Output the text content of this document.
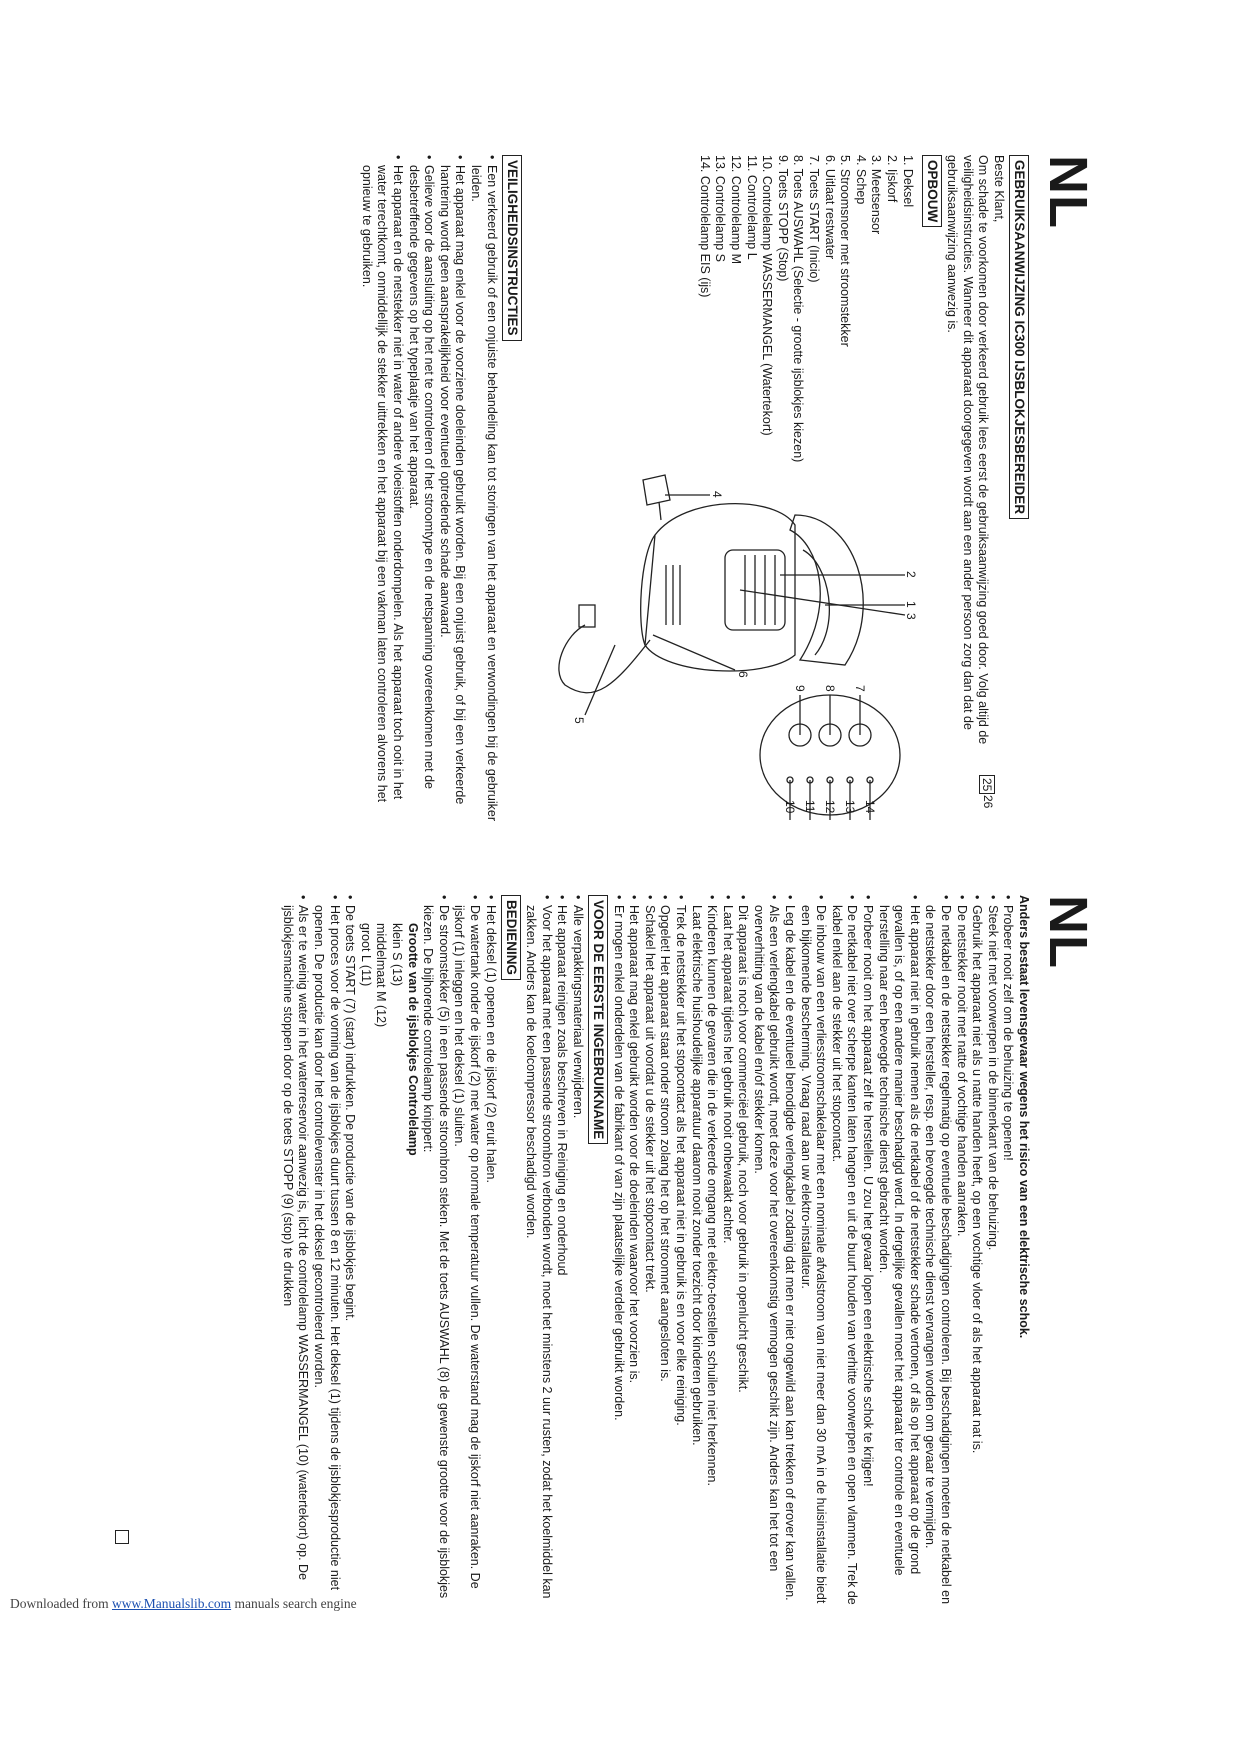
NL
GEBRUIKSAANWIJZING IC300 IJSBLOKJESBEREIDER

Beste Klant,

Om schade te voorkomen door verkeerd gebruik lees eerst de gebruiksaanwijzing goed door. Volg altijd de veiligheidsinstructies. Wanneer dit apparaat doorgegeven wordt aan een ander persoon zorg dan dat de gebruiksaanwijzing aanwezig is.

OPBOUW
1. Deksel
2. Ijskorf
3. Meetsensor
4. Schep
5. Stroomsnoer met stroomstekker
6. Uitlaat restwater
7. Toets START (Inicio)
8. Toets AUSWAHL (Selectie - grootte ijsblokjes kiezen)
9. Toets STOPP (Stop)
10. Controlelamp WASSERMANGEL (Watertekort)
11. Controlelamp L
12. Controlelamp M
13. Controlelamp S
14. Controlelamp EIS (ijs)
1
2
3
4
5
6
7
8
9
10 11 12 13 14
VEILIGHEIDSINSTRUCTIES
• Een verkeerd gebruik of een onjuiste behandeling kan tot storingen van het apparaat en verwondingen bij de gebruiker leiden.
• Het apparaat mag enkel voor de voorziene doeleinden gebruikt worden. Bij een onjuist gebruik, of bij een verkeerde hantering wordt geen aansprakelijkheid voor eventueel optredende schade aanvaard.
• Gelieve voor de aansluiting op het net te controleren of het stroomtype en de netspanning overeenkomen met de desbetreffende gegevens op het typeplaatje van het apparaat.
• Het apparaat en de netstekker niet in water of andere vloeistoffen onderdompelen. Als het apparaat toch ooit in het water terechtkomt, onmiddellijk de stekker uittrekken en het apparaat bij een vakman laten controleren alvorens het opnieuw te gebruiken.
25
26
NL

Anders bestaat levensgevaar wegens het risico van een elektrische schok.

• Probeer nooit zelf om de behuizing te openen!
• Steek niet met voorwerpen in de binnenkant van de behuizing.
• Gebruik het apparaat niet als u natte handen heeft, op een vochtige vloer of als het apparaat nat is.
• De netstekker nooit met natte of vochtige handen aanraken.
• De netkabel en de netstekker regelmatig op eventuele beschadigingen controleren. Bij beschadigingen moeten de netkabel en de netstekker door een hersteller, resp. een bevoegde technische dienst vervangen worden om gevaar te vermijden.
• Het apparaat niet in gebruik nemen als de netkabel of de netstekker schade vertonen, of als op het apparaat op de grond gevallen is, of op een andere manier beschadigd werd. In dergelijke gevallen moet het apparaat ter controle en eventuele herstelling naar een bevoegde technische dienst gebracht worden.
• Porbeer nooit om het apparaat zelf te herstellen. U zou het gevaar lopen een elektrische schok te krijgen!
• De netkabel niet over scherpe kanten laten hangen en uit de buurt houden van verhitte voorwerpen en open vlammen. Trek de kabel enkel aan de stekker uit het stopcontact.
• De inbouw van een verliesstroomschakelaar met een nominale afvalstroom van niet meer dan 30 mA in de huisinstallatie biedt een bijkomende bescherming. Vraag raad aan uw elektro-installateur.
• Leg de kabel en de eventueel benodigde verlengkabel zodanig dat men er niet ongewild aan kan trekken of erover kan vallen.
• Als een verlengkabel gebruikt wordt, moet deze voor het overeenkomstig vermogen geschikt zijn. Anders kan het tot een oververhitting van de kabel en/of stekker komen.
• Dit apparaat is noch voor commerciëel gebruik, noch voor gebruik in openlucht geschikt.
• Laat het apparaat tijdens het gebruik nooit onbewaakt achter.
• Kinderen kunnen de gevaren die in de verkeerde omgang met elektro-toestellen schuilen niet herkennen.
Laat elektrische huishoudelijke apparatuur daarom nooit zonder toezicht door kinderen gebruiken.
• Trek de netstekker uit het stopcontact als het apparaat niet in gebruik is en voor elke reiniging.
• Opgelet! Het apparaat staat onder stroom zolang het op het stroomnet aangesloten is.
• Schakel het apparaat uit voordat u de stekker uit het stopcontact trekt.
• Het apparaat mag enkel gebruikt worden voor de doeleinden waarvoor het voorzien is.
• Er mogen enkel onderdelen van de fabrikant of van zijn plaatselijke verdeler gebruikt worden.
VOOR DE EERSTE INGEBRUIKNAME
• Alle verpakkingsmateriaal verwijderen.
• Het apparaat reinigen zoals beschreven in Reiniging en onderhoud
• Voor het apparaat met een passende stroombron verbonden wordt, moet het minstens 2 uur rusten, zodat het koelmiddel kan zakken. Anders kan de koelcompressor beschadigd worden.
BEDIENING
• Het deksel (1) openen en de ijskorf (2) eruit halen.
• De watertank onder de ijskorf (2) met water op normale temperatuur vullen. De waterstand mag de ijskorf niet aanraken. De ijskorf (1) inleggen en het deksel (1) sluiten.
• De stroomstekker (5) in een passende stroombron steken. Met de toets AUSWAHL (8) de gewenste grootte voor de ijsblokjes kiezen. De bijhorende controlelamp knippert:
Grootte van de ijsblokjes Controlelamp
klein S (13)
middelmaat M (12)
groot L (11)
• De toets START (7) (start) indrukken. De productie van de ijsblokjes begint.
• Het proces voor de vorming van de ijsblokjes duurt tussen 8 en 12 minuten. Het deksel (1) tijdens de ijsblokjesproductie niet openen. De productie kan door het controlevenster in het deksel gecontroleerd worden.
• Als er te weinig water in het waterreservoir aanwezig is, licht de controlelamp WASSERMANGEL (10) (watertekort) op. De ijsblokjesmachine stoppen door op de toets STOPP (9) (stop) te drukken
Downloaded from www.Manualslib.com manuals search engine
